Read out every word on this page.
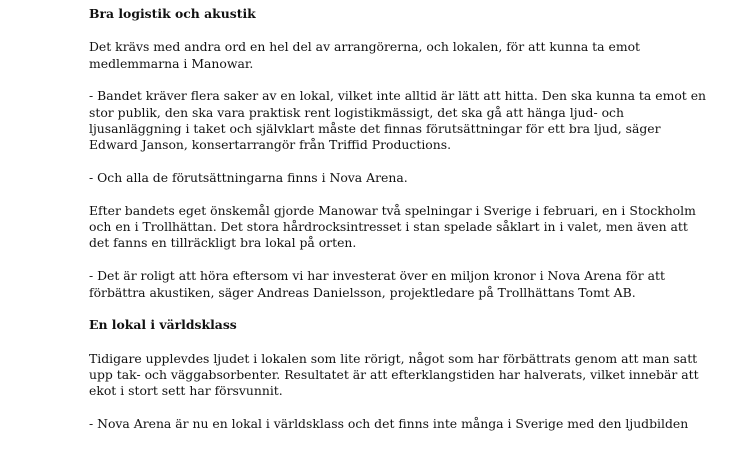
Bra logistik och akustik
Det krävs med andra ord en hel del av arrangörerna, och lokalen, för att kunna ta emot
medlemmarna i Manowar.
- Bandet kräver flera saker av en lokal, vilket inte alltid är lätt att hitta. Den ska kunna ta emot en
stor publik, den ska vara praktisk rent logistikmässigt, det ska gå att hänga ljud- och
ljusanläggning i taket och självklart måste det finnas förutsättningar för ett bra ljud, säger
Edward Janson, konsertarrangör från Triffid Productions.
- Och alla de förutsättningarna finns i Nova Arena.
Efter bandets eget önskemål gjorde Manowar två spelningar i Sverige i februari, en i Stockholm
och en i Trollhättan. Det stora hårdrocksintresset i stan spelade såklart in i valet, men även att
det fanns en tillräckligt bra lokal på orten.
- Det är roligt att höra eftersom vi har investerat över en miljon kronor i Nova Arena för att
förbättra akustiken, säger Andreas Danielsson, projektledare på Trollhättans Tomt AB.
En lokal i världsklass
Tidigare upplevdes ljudet i lokalen som lite rörigt, något som har förbättrats genom att man satt
upp tak- och väggabsorbenter. Resultatet är att efterklangstiden har halverats, vilket innebär att
ekot i stort sett har försvunnit.
- Nova Arena är nu en lokal i världsklass och det finns inte många i Sverige med den ljudbilden
